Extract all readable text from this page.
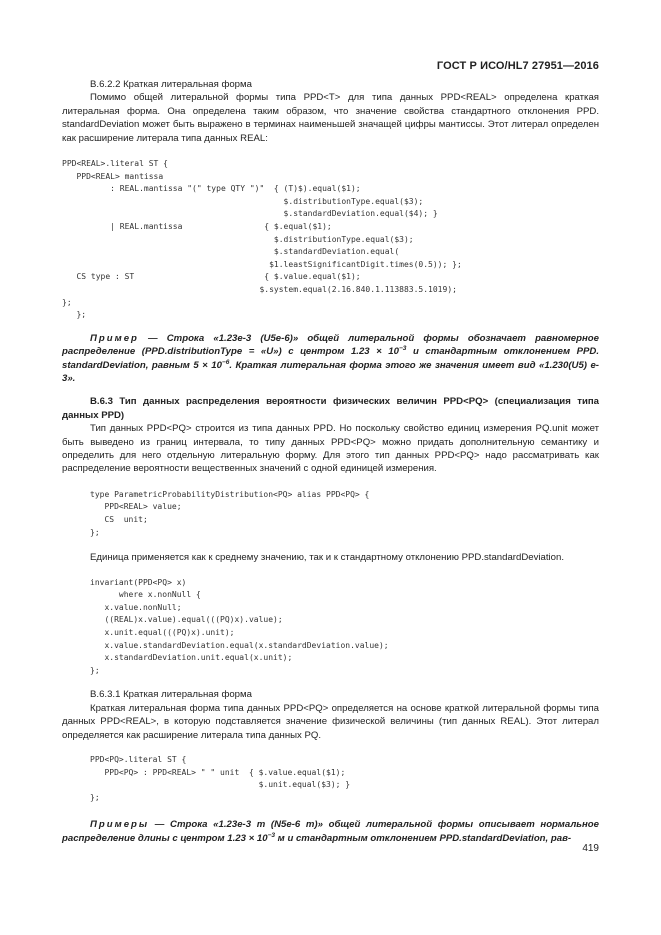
ГОСТ Р ИСО/HL7 27951—2016

В.6.2.2 Краткая литеральная форма

Помимо общей литеральной формы типа PPD<T> для типа данных PPD<REAL> определена краткая литеральная форма. Она определена таким образом, что значение свойства стандартного отклонения PPD. standardDeviation может быть выражено в терминах наименьшей значащей цифры мантиссы. Этот литерал определен как расширение литерала типа данных REAL:

PPD<REAL>.literal ST {
PPD<REAL> mantissa
: REAL.mantissa "(" type QTY ")"  { (T)$).equal($1);
$.distributionType.equal($3);
$.standardDeviation.equal($4); }
| REAL.mantissa                 { $.equal($1);
$.distributionType.equal($3);
$.standardDeviation.equal(
$1.leastSignificantDigit.times(0.5)); };
CS type : ST                           { $.value.equal($1);
$.system.equal(2.16.840.1.113883.5.1019);
};
};

Пример — Строка «1.23e-3 (U5e-6)» общей литеральной формы обозначает равномерное распределение (PPD.distributionType = «U») с центром $1.23 \times 10^{-3}$ и стандартным отклонением PPD. standardDeviation, равным $5 \times 10^{-6}$. Краткая литеральная форма этого же значения имеет вид «1.230(U5) e-3».

В.6.3 Тип данных распределения вероятности физических величин PPD<PQ> (специализация типа данных PPD)

Тип данных PPD<PQ> строится из типа данных PPD. Но поскольку свойство единиц измерения PQ.unit может быть выведено из границ интервала, то типу данных PPD<PQ> можно придать дополнительную семантику и определить для него отдельную литеральную форму. Для этого тип данных PPD<PQ> надо рассматривать как распределение вероятности вещественных значений с одной единицей измерения.

type ParametricProbabilityDistribution<PQ> alias PPD<PQ> {
PPD<REAL> value;
CS  unit;
};

Единица применяется как к среднему значению, так и к стандартному отклонению PPD.standardDeviation.

invariant(PPD<PQ> x)
where x.nonNull {
x.value.nonNull;
((REAL)x.value).equal(((PQ)x).value);
x.unit.equal(((PQ)x).unit);
x.value.standardDeviation.equal(x.standardDeviation.value);
x.standardDeviation.unit.equal(x.unit);
};

В.6.3.1 Краткая литеральная форма

Краткая литеральная форма типа данных PPD<PQ> определяется на основе краткой литеральной формы типа данных PPD<REAL>, в которую подставляется значение физической величины (тип данных REAL). Этот литерал определяется как расширение литерала типа данных PQ.

PPD<PQ>.literal ST {
PPD<PQ> : PPD<REAL> " " unit  { $.value.equal($1);
$.unit.equal($3); }
};

Примеры — Строка «1.23e-3 m (N5e-6 m)» общей литеральной формы описывает нормальное распределение длины с центром $1.23 \times 10^{-3}$ м и стандартным отклонением PPD.standardDeviation, рав-

419
